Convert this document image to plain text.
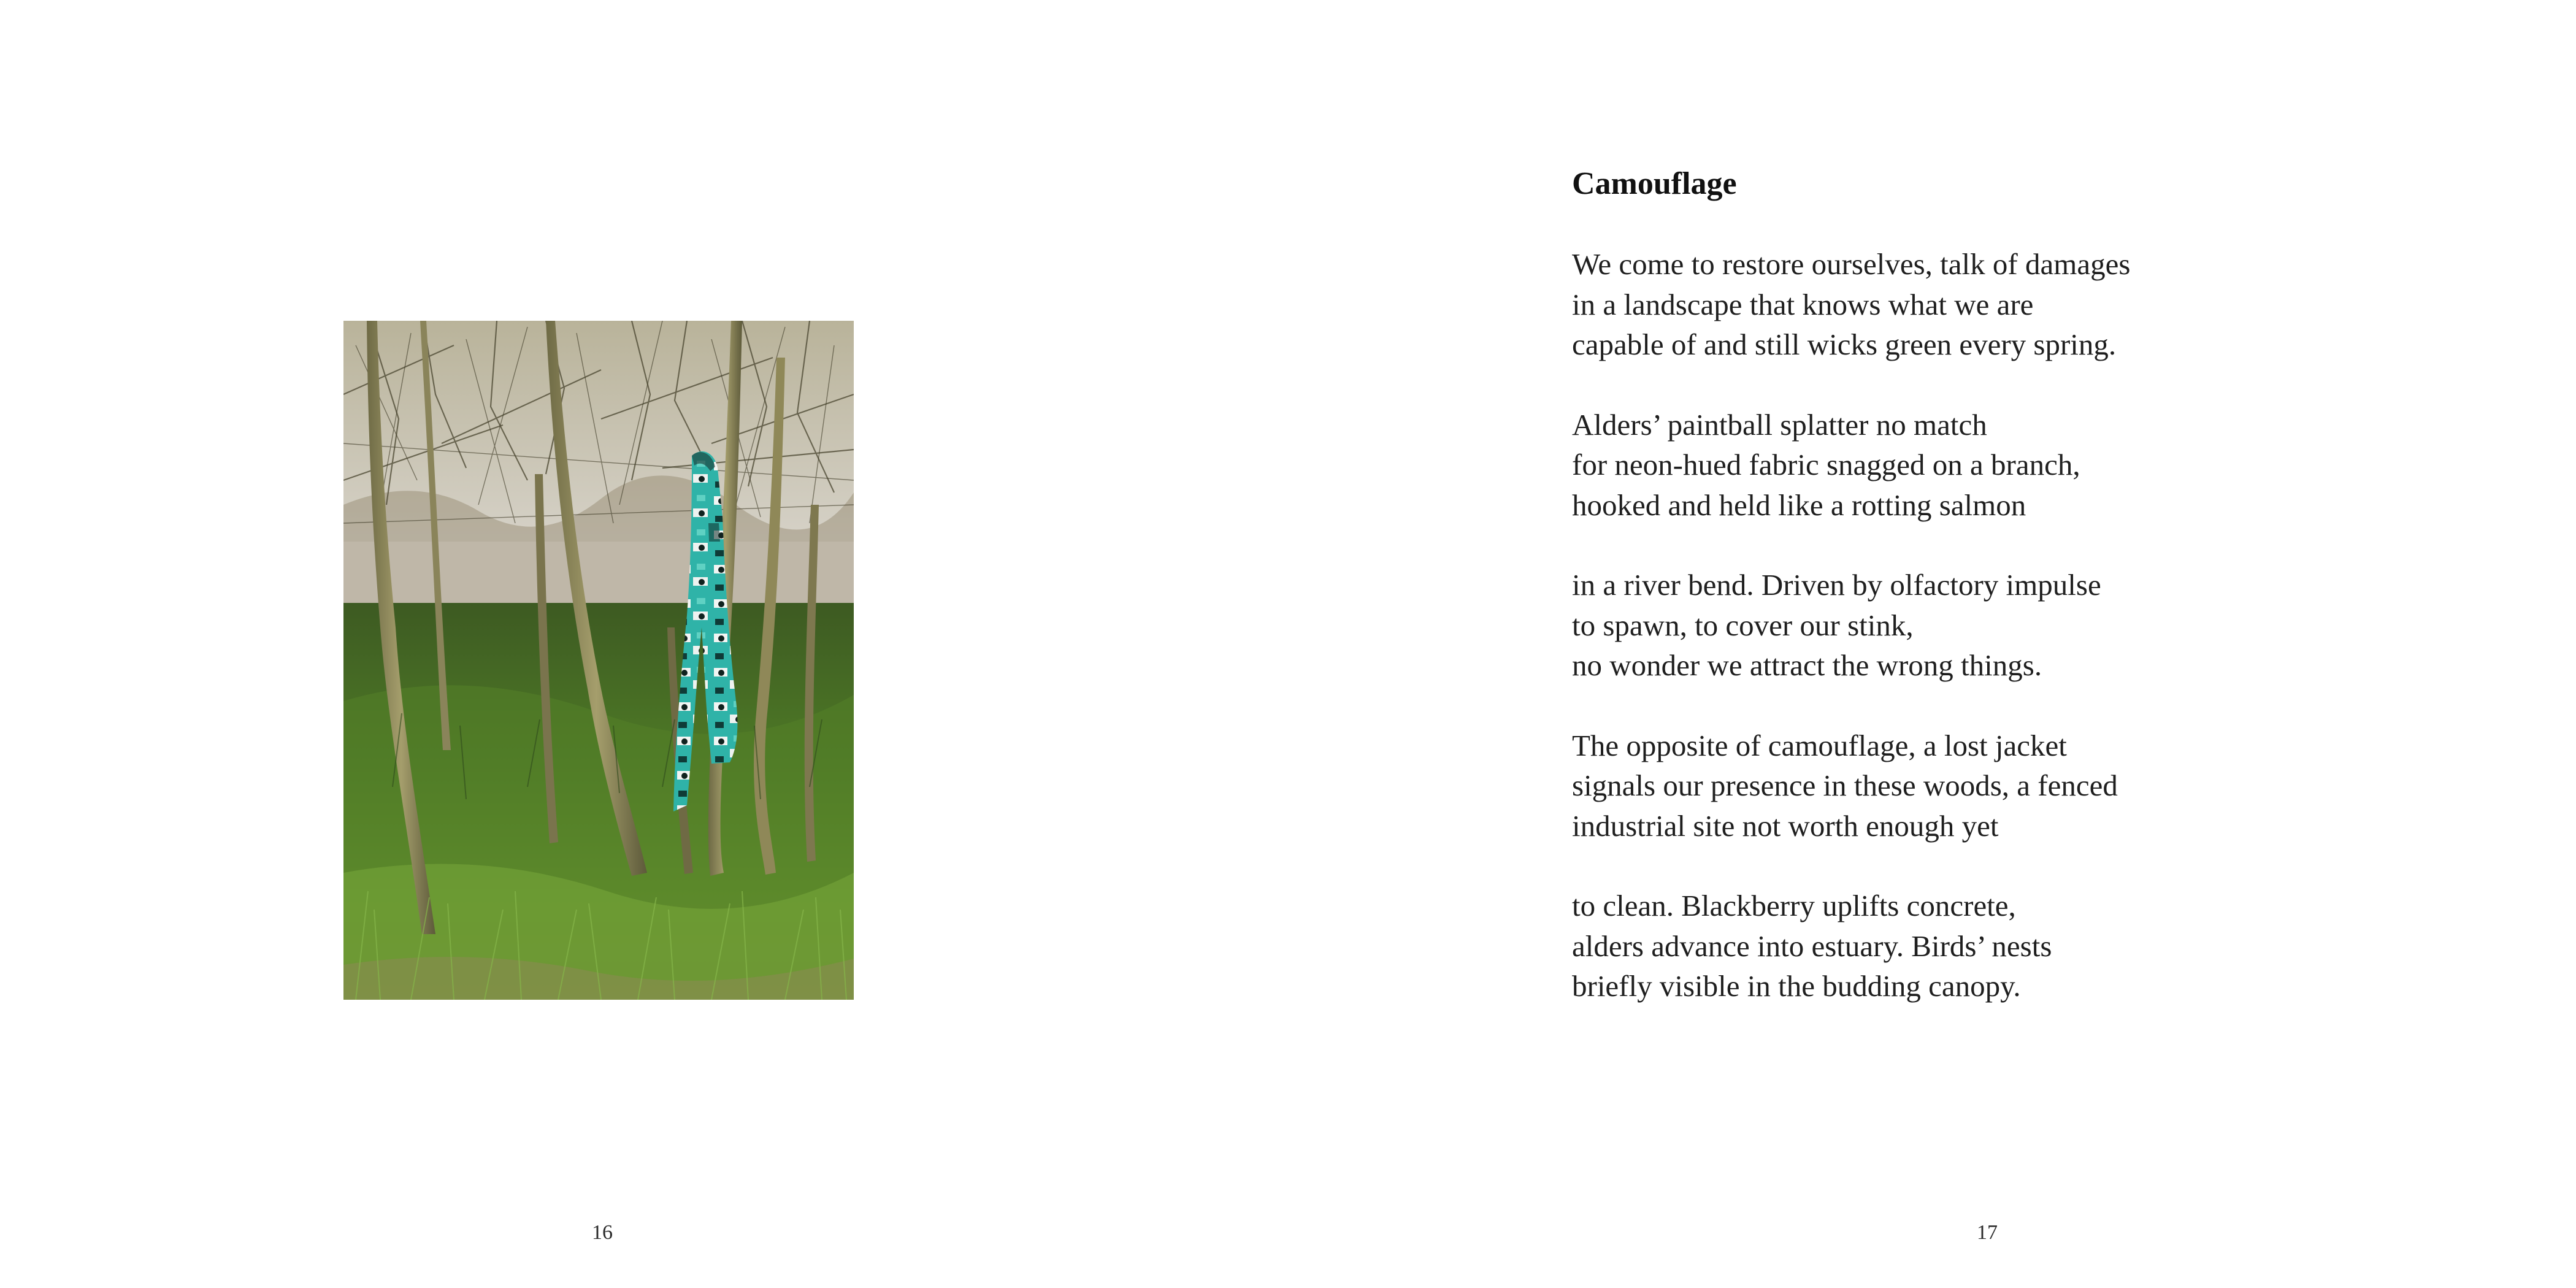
16
Camouflage
We come to restore ourselves, talk of damages
in a landscape that knows what we are
capable of and still wicks green every spring.
Alders’ paintball splatter no match
for neon-hued fabric snagged on a branch,
hooked and held like a rotting salmon
in a river bend. Driven by olfactory impulse
to spawn, to cover our stink,
no wonder we attract the wrong things.
The opposite of camouflage, a lost jacket
signals our presence in these woods, a fenced
industrial site not worth enough yet
to clean. Blackberry uplifts concrete,
alders advance into estuary. Birds’ nests
briefly visible in the budding canopy.
17
